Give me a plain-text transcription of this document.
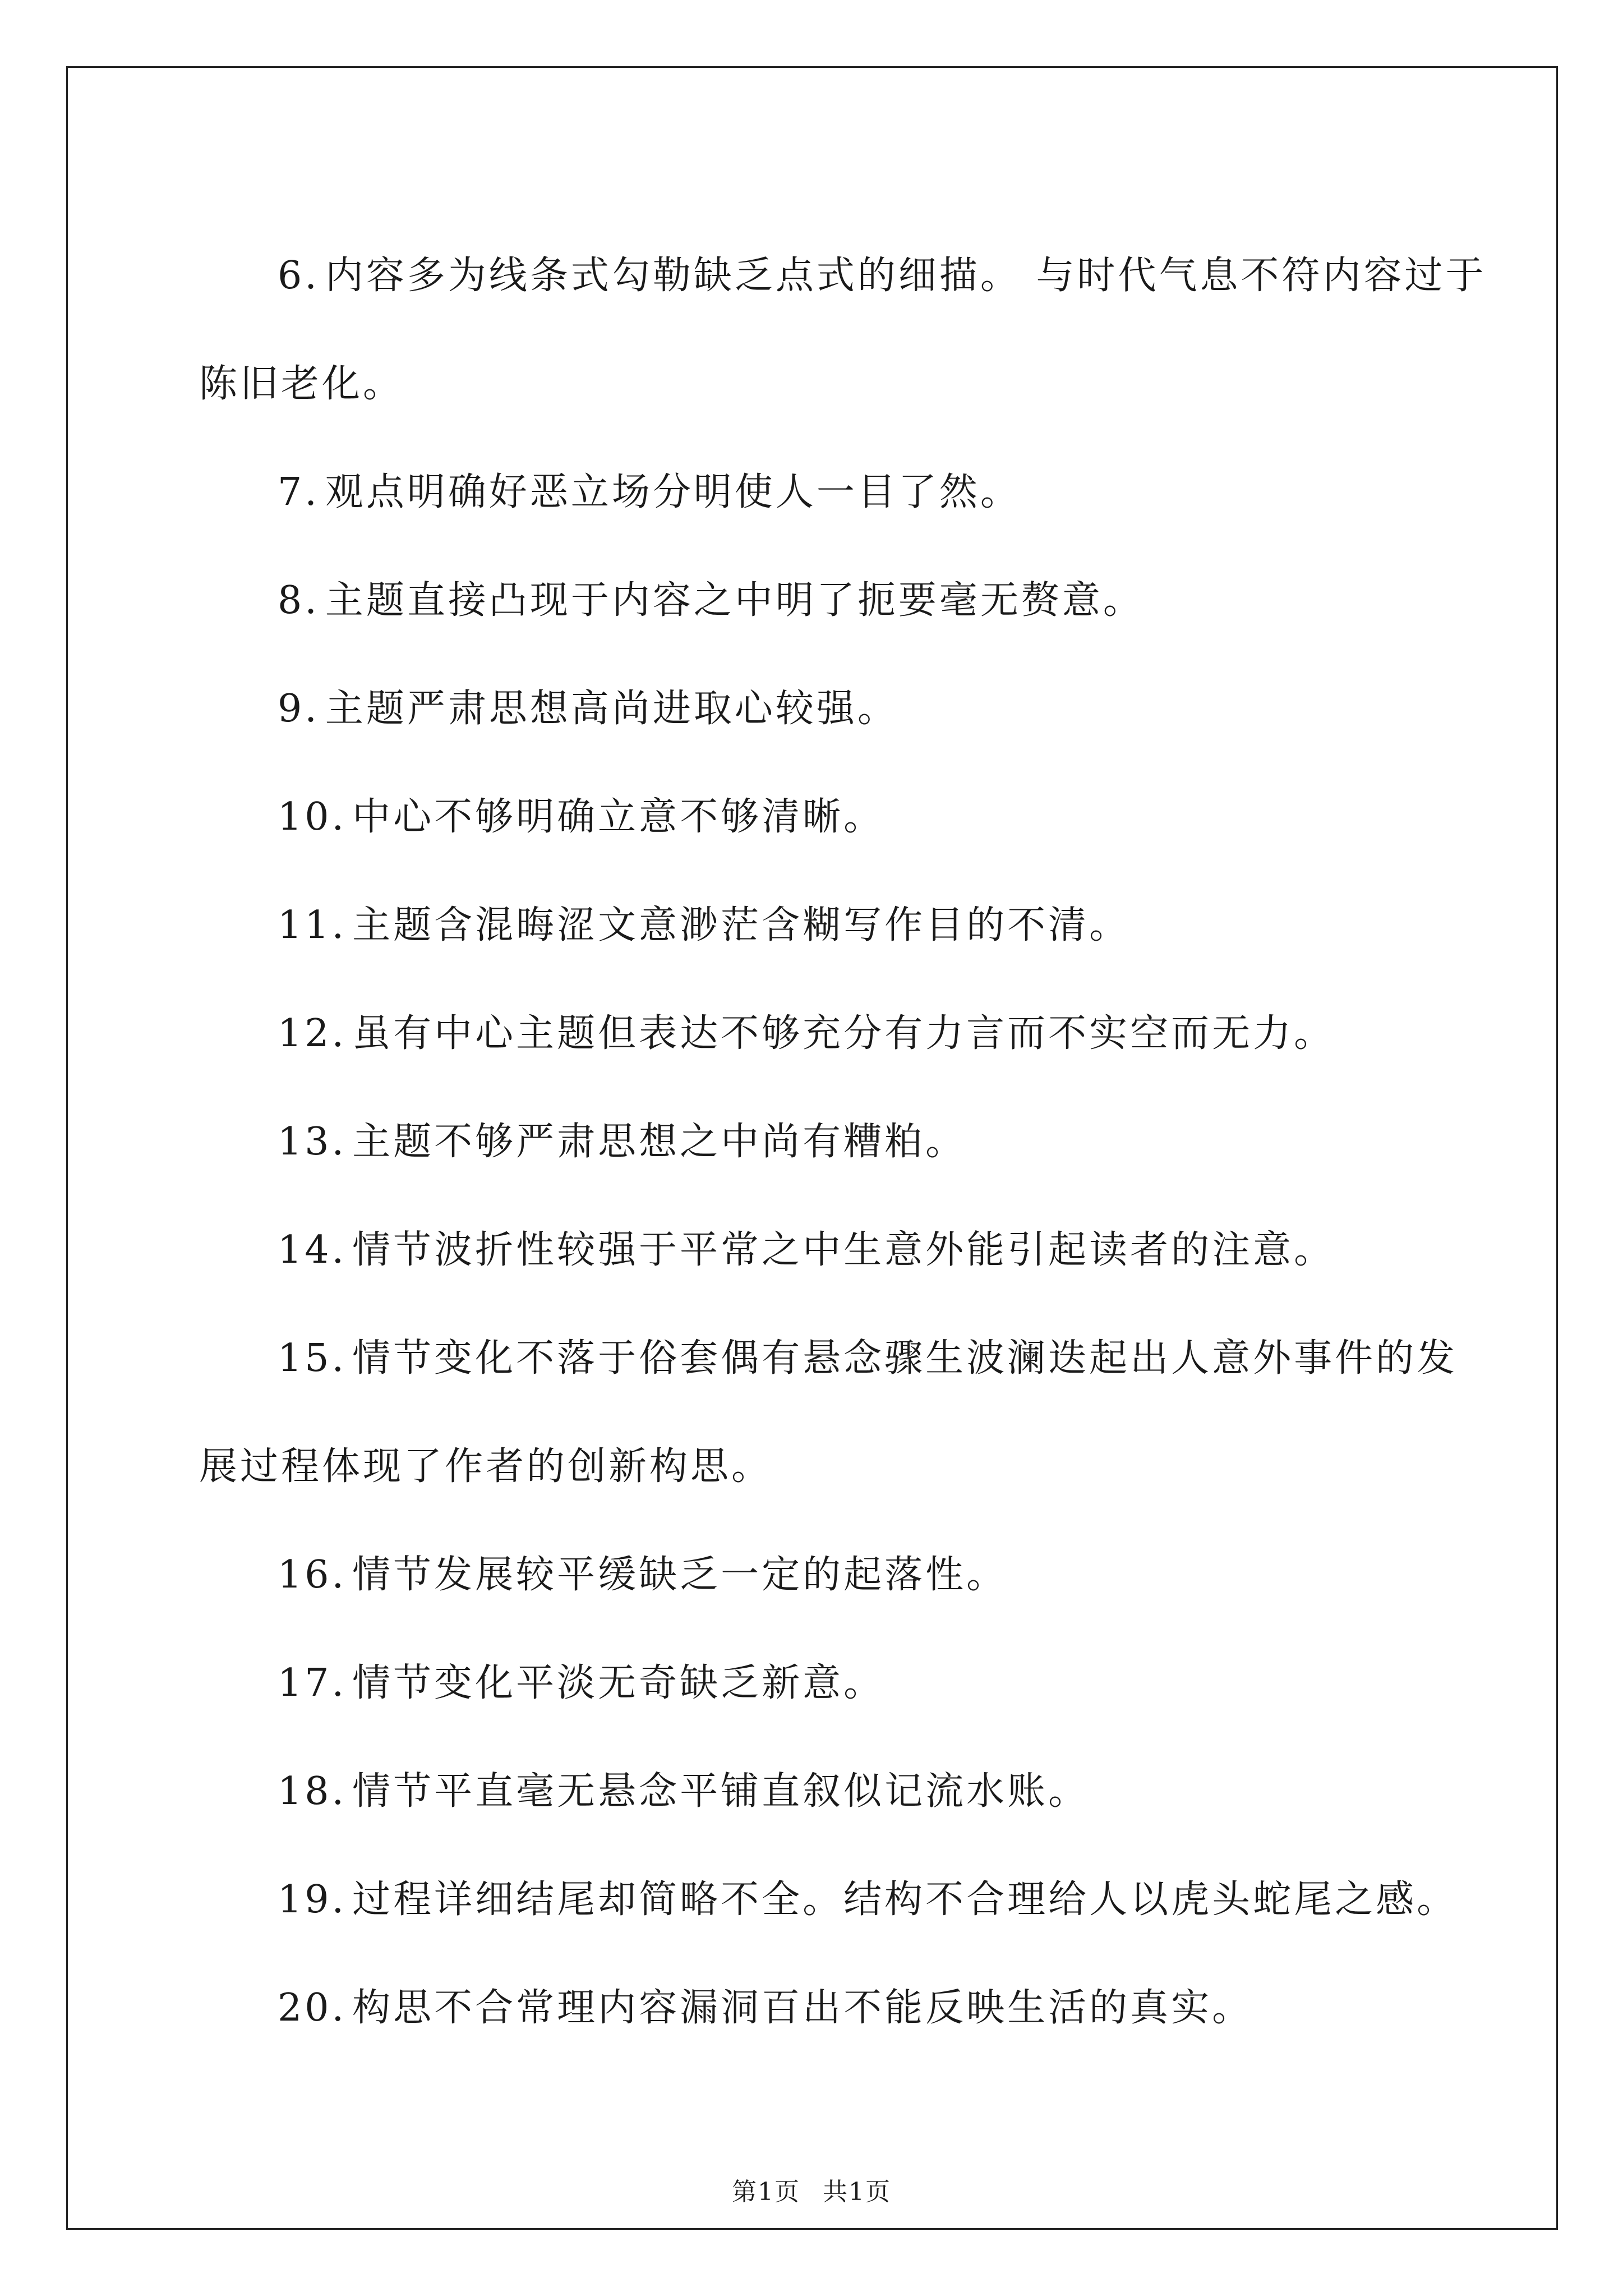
6. 内容多为线条式勾勒缺乏点式的细描。 与时代气息不符内容过于陈旧老化。

7. 观点明确好恶立场分明使人一目了然。

8. 主题直接凸现于内容之中明了扼要毫无赘意。

9. 主题严肃思想高尚进取心较强。

10. 中心不够明确立意不够清晰。

11. 主题含混晦涩文意渺茫含糊写作目的不清。

12. 虽有中心主题但表达不够充分有力言而不实空而无力。

13. 主题不够严肃思想之中尚有糟粕。

14. 情节波折性较强于平常之中生意外能引起读者的注意。

15. 情节变化不落于俗套偶有悬念骤生波澜迭起出人意外事件的发展过程体现了作者的创新构思。

16. 情节发展较平缓缺乏一定的起落性。

17. 情节变化平淡无奇缺乏新意。

18. 情节平直毫无悬念平铺直叙似记流水账。

19. 过程详细结尾却简略不全。结构不合理给人以虎头蛇尾之感。

20. 构思不合常理内容漏洞百出不能反映生活的真实。

第1页 共1页
